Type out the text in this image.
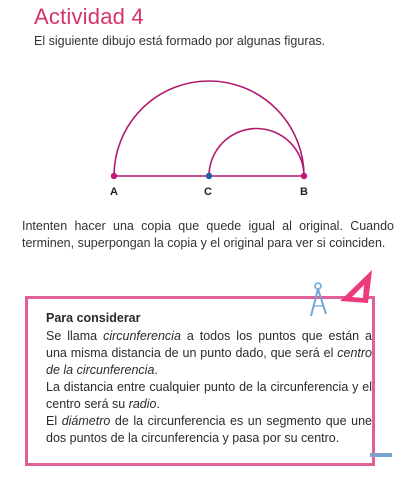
Actividad 4

El siguiente dibujo está formado por algunas figuras.

A	C	B

Intenten hacer una copia que quede igual al original. Cuando terminen, superpongan la copia y el original para ver si coinciden.

Para considerar

Se llama circunferencia a todos los puntos que están a una misma distancia de un punto dado, que será el centro de la circunferencia.

La distancia entre cualquier punto de la circunferencia y el centro será su radio.

El diámetro de la circunferencia es un segmento que une dos puntos de la circunferencia y pasa por su centro.
